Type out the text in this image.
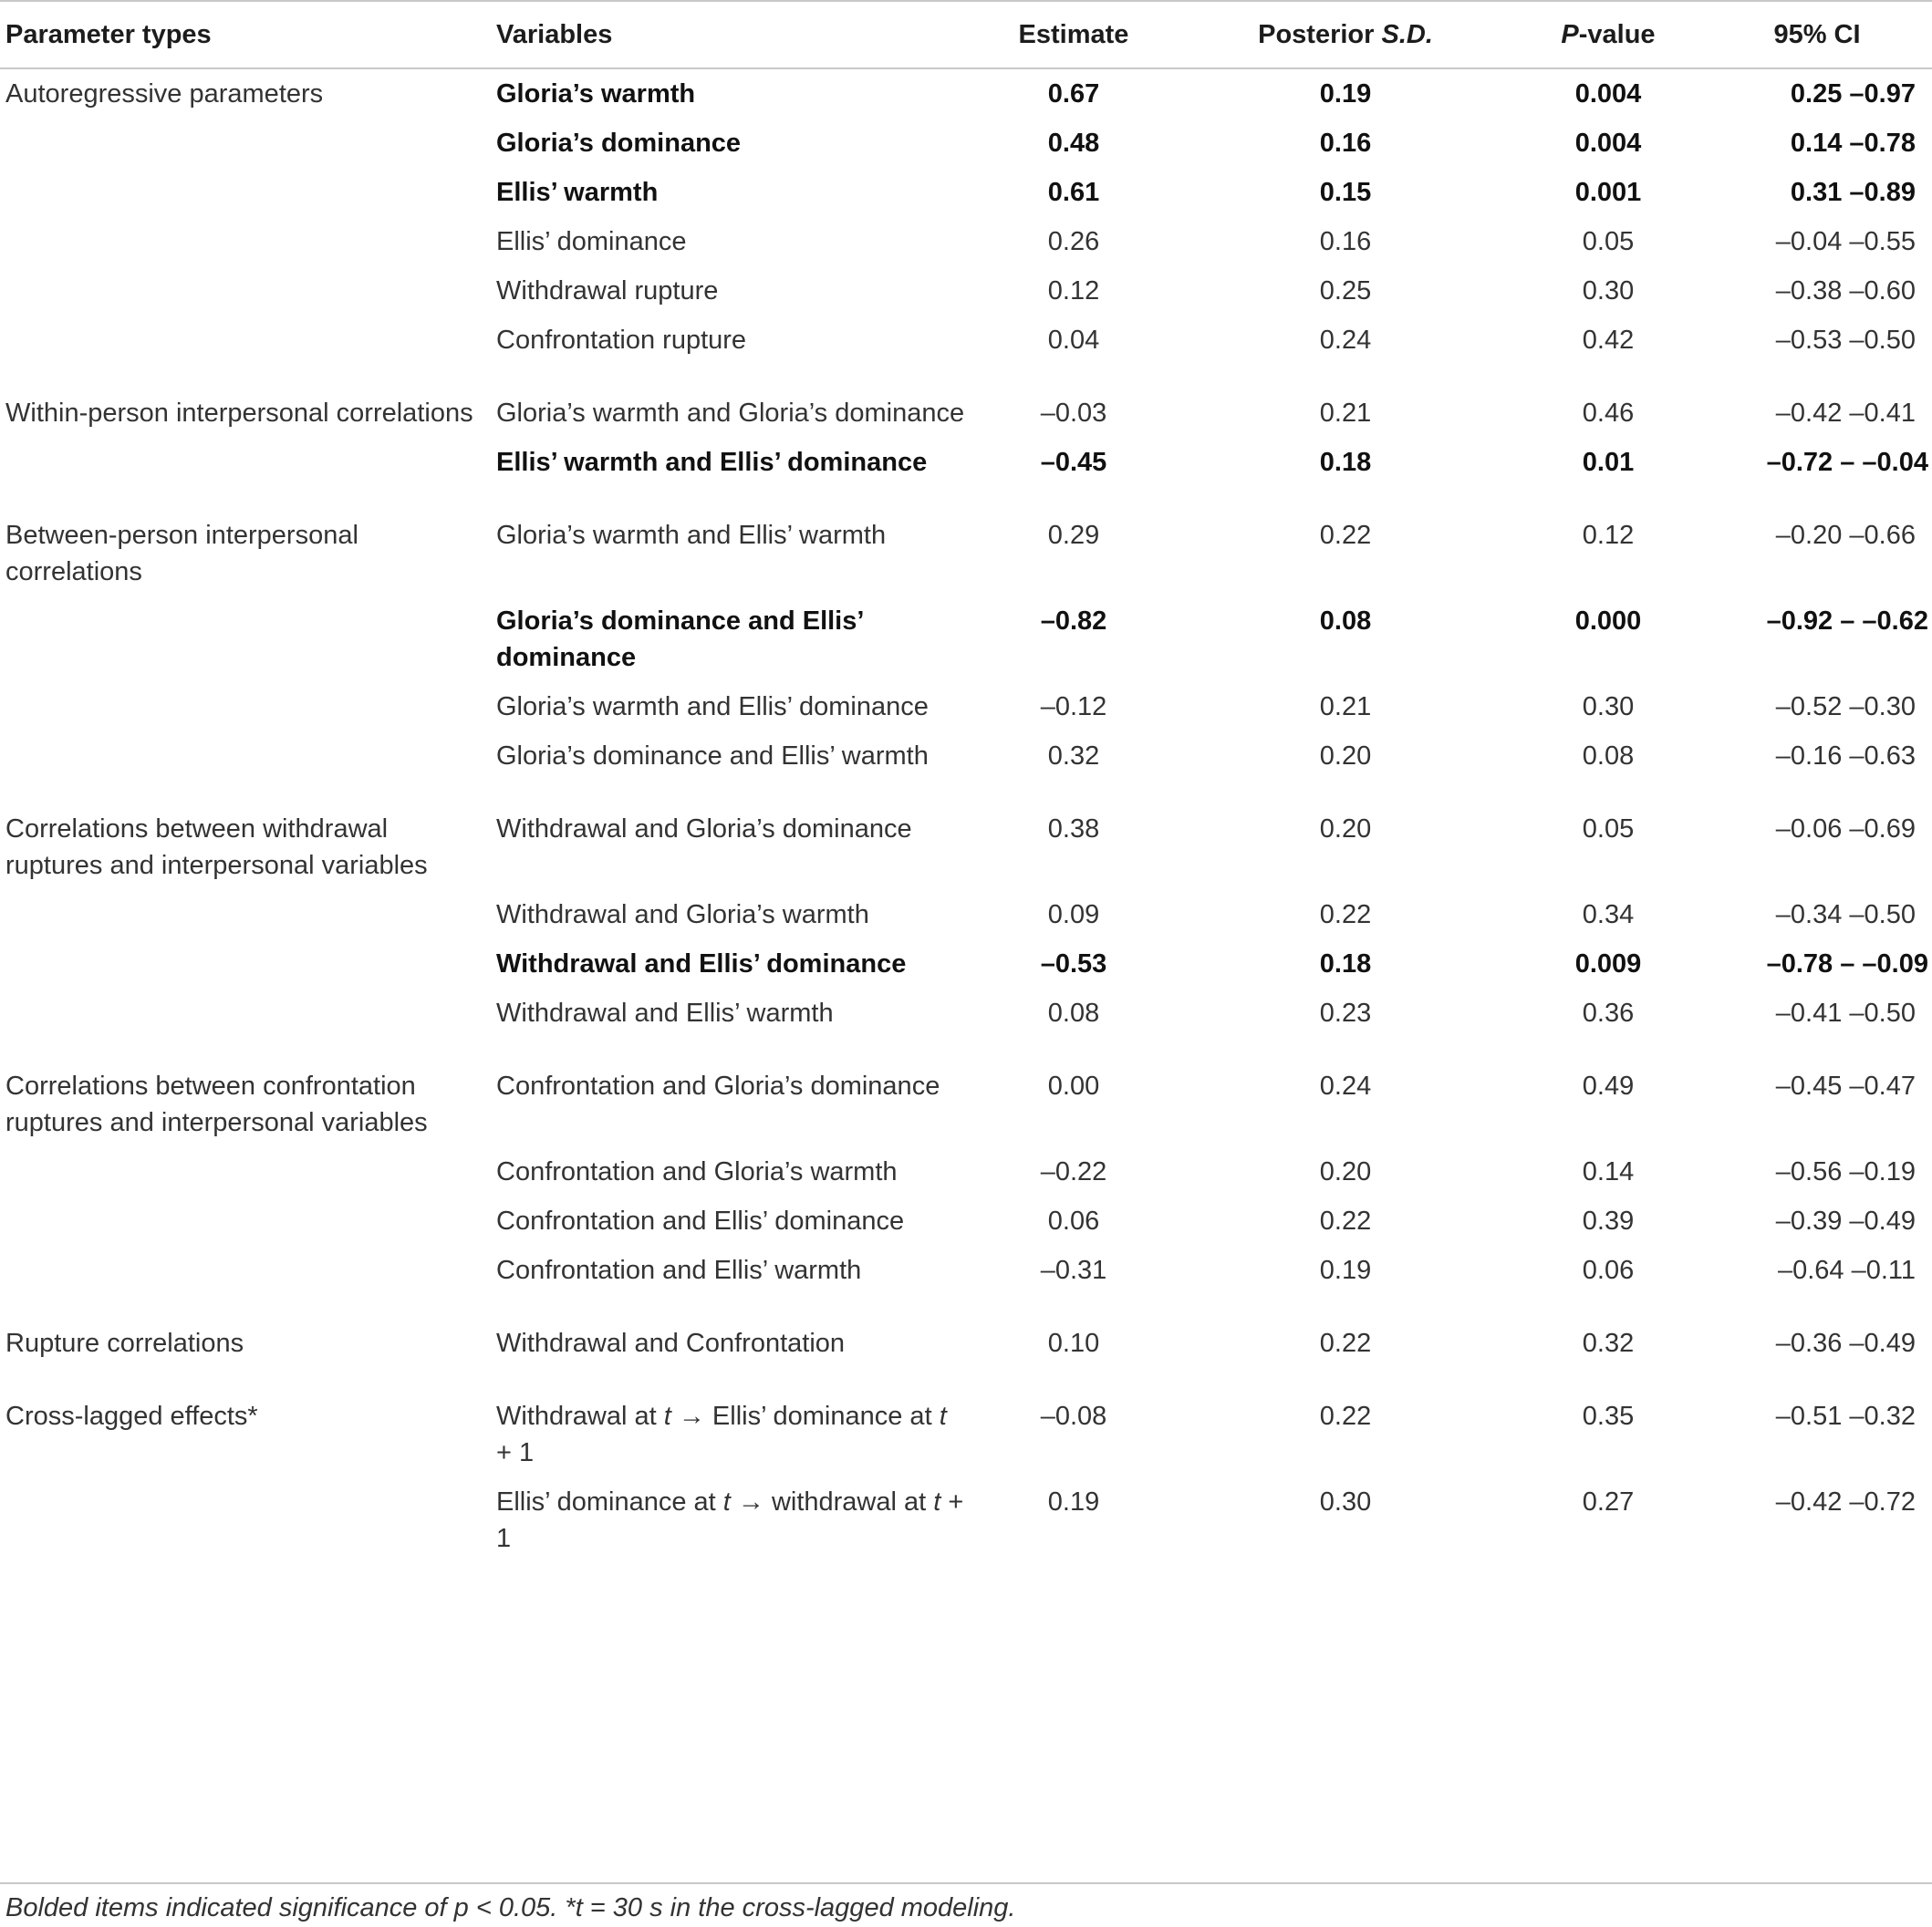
Parameter types	Variables	Estimate	Posterior S.D.	P-value	95% CI
Autoregressive parameters	Gloria’s warmth	0.67	0.19	0.004	0.25 –0.97
	Gloria’s dominance	0.48	0.16	0.004	0.14 –0.78
	Ellis’ warmth	0.61	0.15	0.001	0.31 –0.89
	Ellis’ dominance	0.26	0.16	0.05	–0.04 –0.55
	Withdrawal rupture	0.12	0.25	0.30	–0.38 –0.60
	Confrontation rupture	0.04	0.24	0.42	–0.53 –0.50

Within-person interpersonal correlations	Gloria’s warmth and Gloria’s dominance	–0.03	0.21	0.46	–0.42 –0.41
	Ellis’ warmth and Ellis’ dominance	–0.45	0.18	0.01	–0.72 – –0.04

Between-person interpersonal correlations	Gloria’s warmth and Ellis’ warmth	0.29	0.22	0.12	–0.20 –0.66
	Gloria’s dominance and Ellis’ dominance	–0.82	0.08	0.000	–0.92 – –0.62
	Gloria’s warmth and Ellis’ dominance	–0.12	0.21	0.30	–0.52 –0.30
	Gloria’s dominance and Ellis’ warmth	0.32	0.20	0.08	–0.16 –0.63

Correlations between withdrawal ruptures and interpersonal variables	Withdrawal and Gloria’s dominance	0.38	0.20	0.05	–0.06 –0.69
	Withdrawal and Gloria’s warmth	0.09	0.22	0.34	–0.34 –0.50
	Withdrawal and Ellis’ dominance	–0.53	0.18	0.009	–0.78 – –0.09
	Withdrawal and Ellis’ warmth	0.08	0.23	0.36	–0.41 –0.50

Correlations between confrontation ruptures and interpersonal variables	Confrontation and Gloria’s dominance	0.00	0.24	0.49	–0.45 –0.47
	Confrontation and Gloria’s warmth	–0.22	0.20	0.14	–0.56 –0.19
	Confrontation and Ellis’ dominance	0.06	0.22	0.39	–0.39 –0.49
	Confrontation and Ellis’ warmth	–0.31	0.19	0.06	–0.64 –0.11

Rupture correlations	Withdrawal and Confrontation	0.10	0.22	0.32	–0.36 –0.49

Cross-lagged effects*	Withdrawal at t → Ellis’ dominance at t + 1	–0.08	0.22	0.35	–0.51 –0.32
	Ellis’ dominance at t → withdrawal at t + 1	0.19	0.30	0.27	–0.42 –0.72
Bolded items indicated significance of p < 0.05. *t = 30 s in the cross-lagged modeling.
